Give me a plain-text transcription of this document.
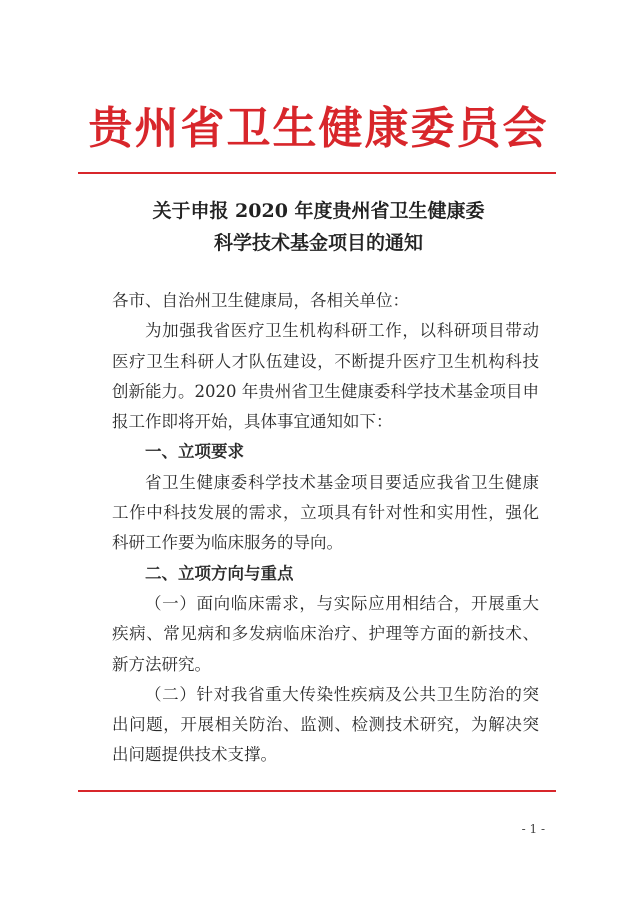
贵州省卫生健康委员会
关于申报 2020 年度贵州省卫生健康委
科学技术基金项目的通知

各市、自治州卫生健康局，各相关单位：

为加强我省医疗卫生机构科研工作，以科研项目带动医疗卫生科研人才队伍建设，不断提升医疗卫生机构科技创新能力。2020 年贵州省卫生健康委科学技术基金项目申报工作即将开始，具体事宜通知如下：

一、立项要求

省卫生健康委科学技术基金项目要适应我省卫生健康工作中科技发展的需求，立项具有针对性和实用性，强化科研工作要为临床服务的导向。

二、立项方向与重点

（一）面向临床需求，与实际应用相结合，开展重大疾病、常见病和多发病临床治疗、护理等方面的新技术、新方法研究。

（二）针对我省重大传染性疾病及公共卫生防治的突出问题，开展相关防治、监测、检测技术研究，为解决突出问题提供技术支撑。

- 1 -
